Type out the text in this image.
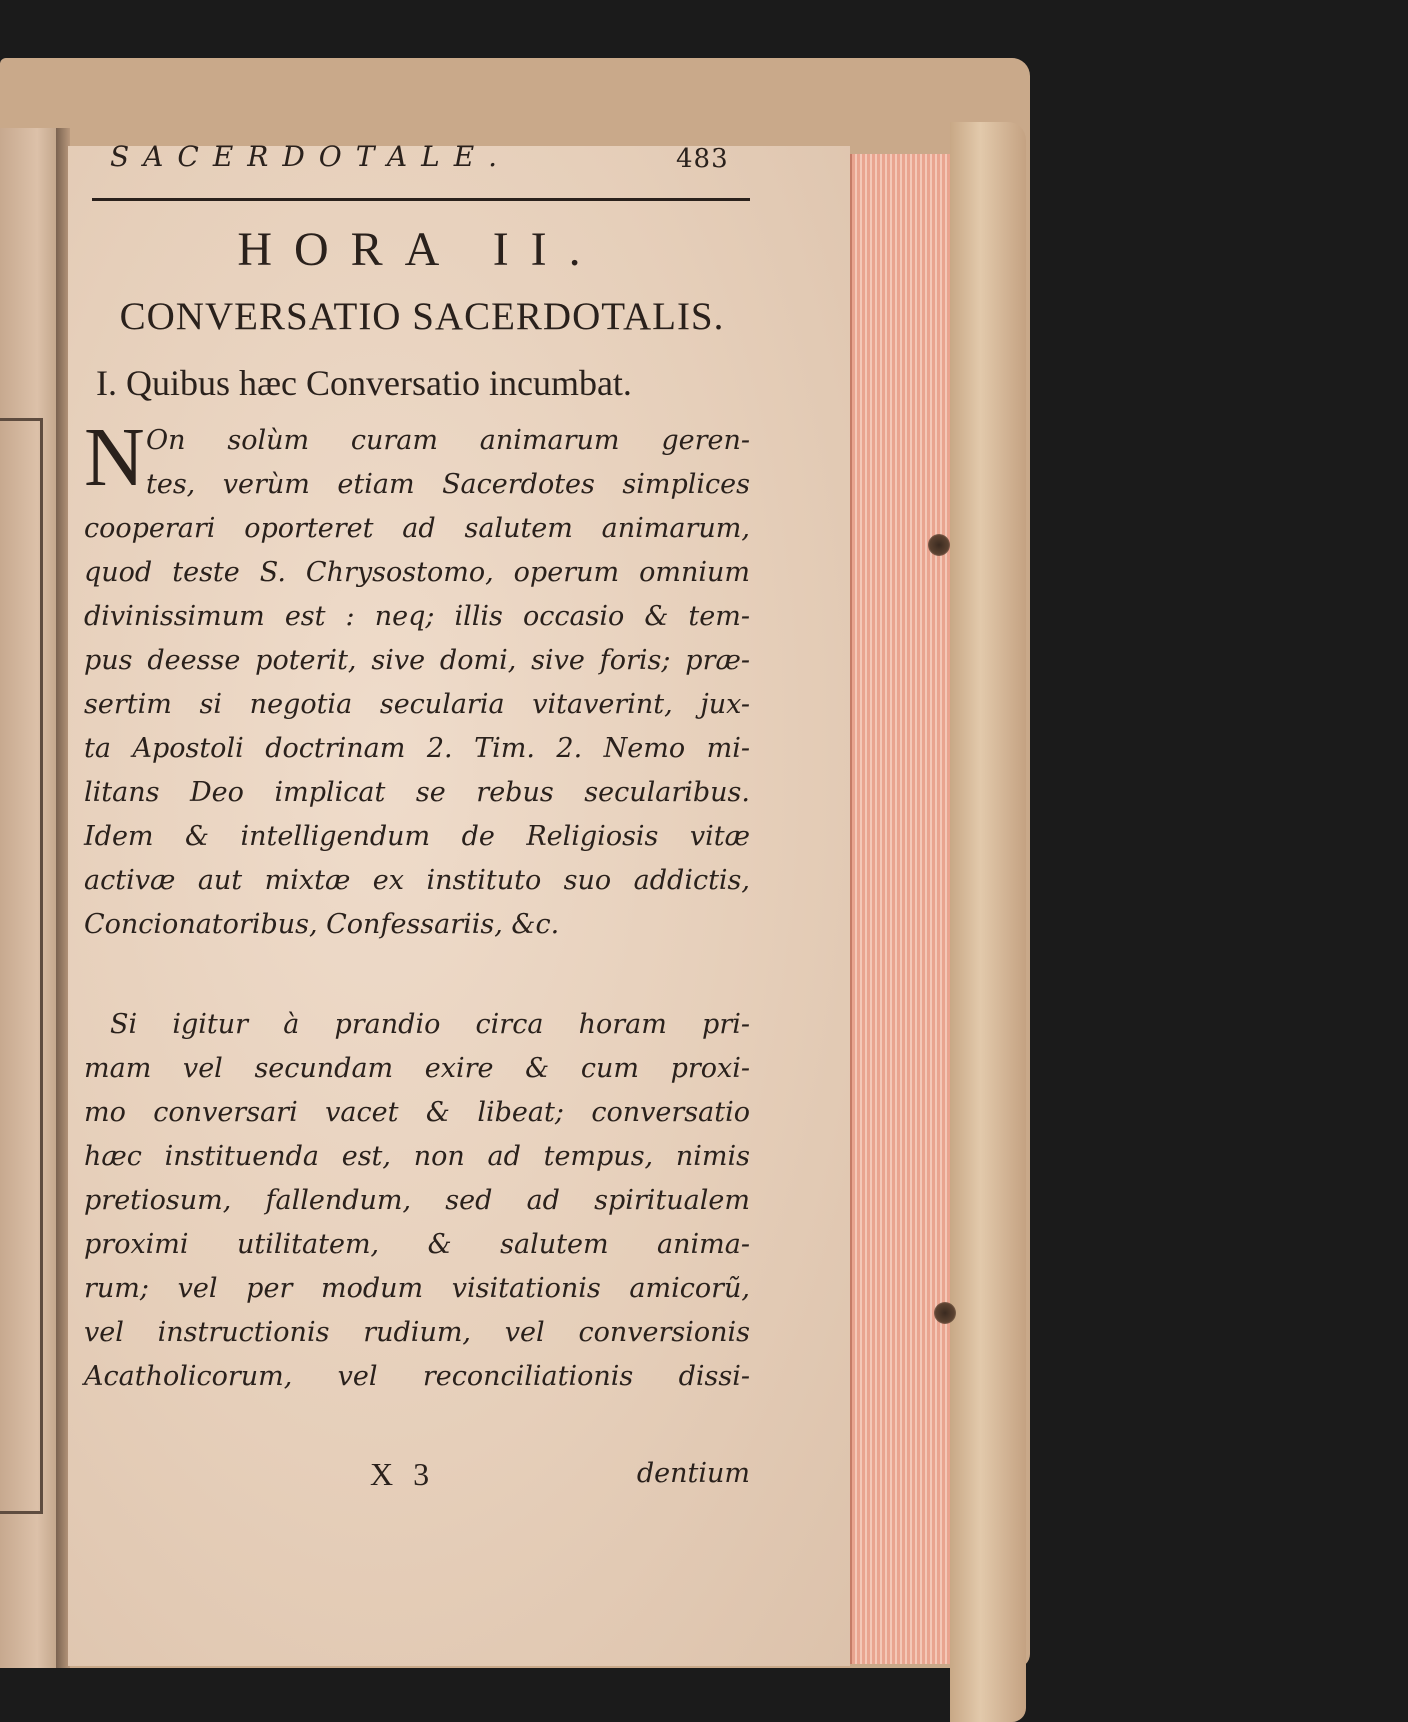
SACERDOTALE.	483
HORA II.
CONVERSATIO SACERDOTALIS.
I. Quibus hæc Conversatio incumbat.
N On solùm curam animarum geren-
tes, verùm etiam Sacerdotes simplices
cooperari oporteret ad salutem animarum,
quod teste S. Chrysostomo, operum omnium
divinissimum est : neq; illis occasio & tem-
pus deesse poterit, sive domi, sive foris; præ-
sertim si negotia secularia vitaverint, jux-
ta Apostoli doctrinam 2. Tim. 2. Nemo mi-
litans Deo implicat se rebus secularibus.
Idem & intelligendum de Religiosis vitæ
activæ aut mixtæ ex instituto suo addictis,
Concionatoribus, Confessariis, &c.
Si igitur à prandio circa horam pri-
mam vel secundam exire & cum proxi-
mo conversari vacet & libeat; conversatio
hæc instituenda est, non ad tempus, nimis
pretiosum, fallendum, sed ad spiritualem
proximi utilitatem, & salutem anima-
rum; vel per modum visitationis amicorũ,
vel instructionis rudium, vel conversionis
Acatholicorum, vel reconciliationis dissi-
X 3	dentium
